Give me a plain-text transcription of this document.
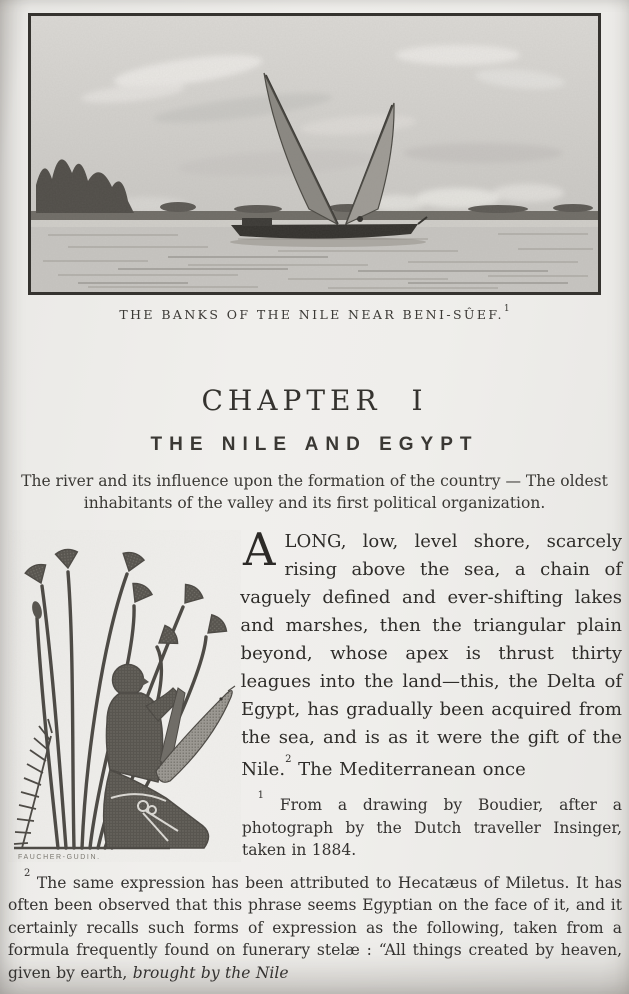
THE BANKS OF THE NILE NEAR BENI-SÛEF.$^1$
CHAPTER I
THE NILE AND EGYPT

The river and its influence upon the formation of the country — The oldest inhabitants of the valley and its first political organization.

FAUCHER-GUDIN.

ALONG, low, level shore, scarcely rising above the sea, a chain of vaguely defined and ever-shifting lakes and marshes, then the triangular plain beyond, whose apex is thrust thirty leagues into the land—this, the Delta of Egypt, has gradually been acquired from the sea, and is as it were the gift of the Nile.$^2$ The Mediterranean once

$^1$ From a drawing by Boudier, after a photograph by the Dutch traveller Insinger, taken in 1884.

$^2$ The same expression has been attributed to Hecatæus of Miletus. It has often been observed that this phrase seems Egyptian on the face of it, and it certainly recalls such forms of expression as the following, taken from a formula frequently found on funerary stelæ : “All things created by heaven, given by earth, brought by the Nile
